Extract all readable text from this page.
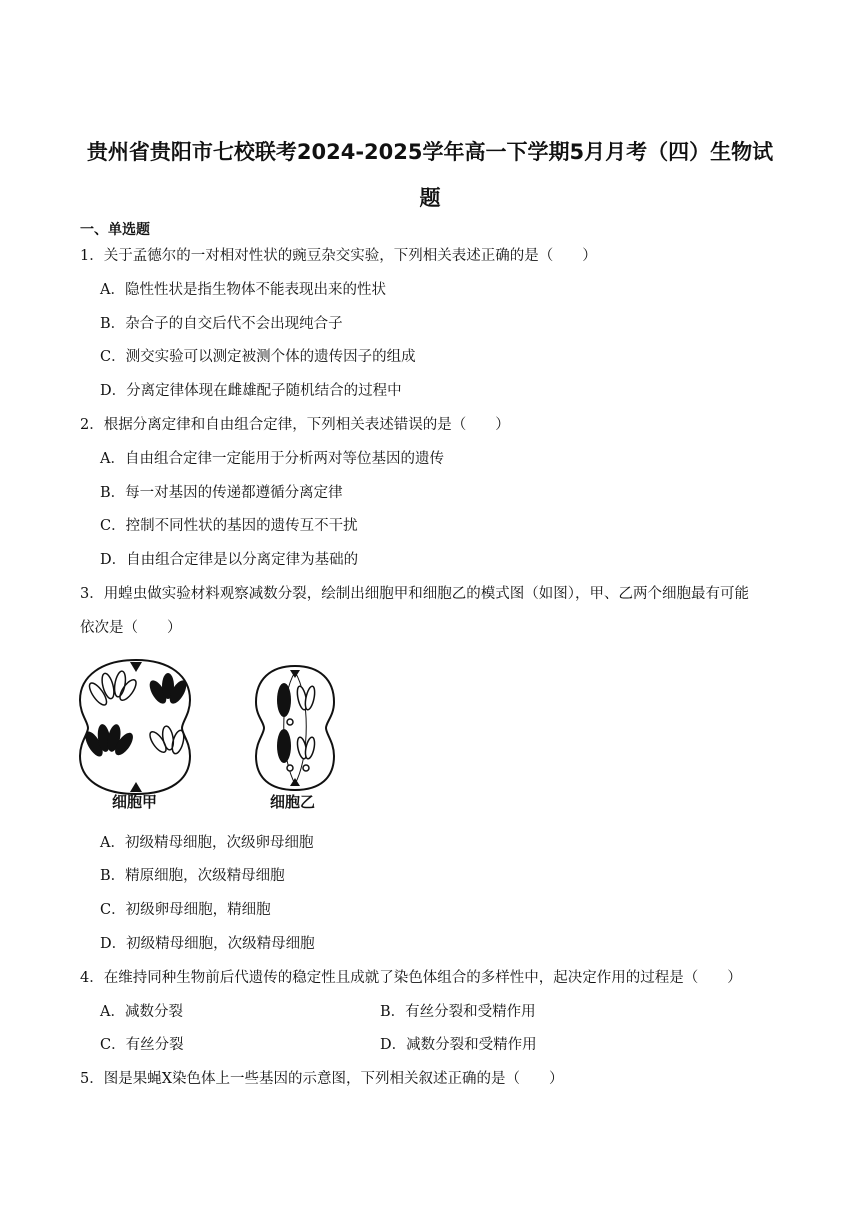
贵州省贵阳市七校联考2024-2025学年高一下学期5月月考（四）生物试
题
一、单选题
1．关于孟德尔的一对相对性状的豌豆杂交实验，下列相关表述正确的是（　　）
A．隐性性状是指生物体不能表现出来的性状
B．杂合子的自交后代不会出现纯合子
C．测交实验可以测定被测个体的遗传因子的组成
D．分离定律体现在雌雄配子随机结合的过程中
2．根据分离定律和自由组合定律，下列相关表述错误的是（　　）
A．自由组合定律一定能用于分析两对等位基因的遗传
B．每一对基因的传递都遵循分离定律
C．控制不同性状的基因的遗传互不干扰
D．自由组合定律是以分离定律为基础的
3．用蝗虫做实验材料观察减数分裂，绘制出细胞甲和细胞乙的模式图（如图），甲、乙两个细胞最有可能
依次是（　　）
细胞甲	细胞乙
A．初级精母细胞，次级卵母细胞
B．精原细胞，次级精母细胞
C．初级卵母细胞，精细胞
D．初级精母细胞，次级精母细胞
4．在维持同种生物前后代遗传的稳定性且成就了染色体组合的多样性中，起决定作用的过程是（　　）
A．减数分裂	B．有丝分裂和受精作用
C．有丝分裂	D．减数分裂和受精作用
5．图是果蝇X染色体上一些基因的示意图，下列相关叙述正确的是（　　）
